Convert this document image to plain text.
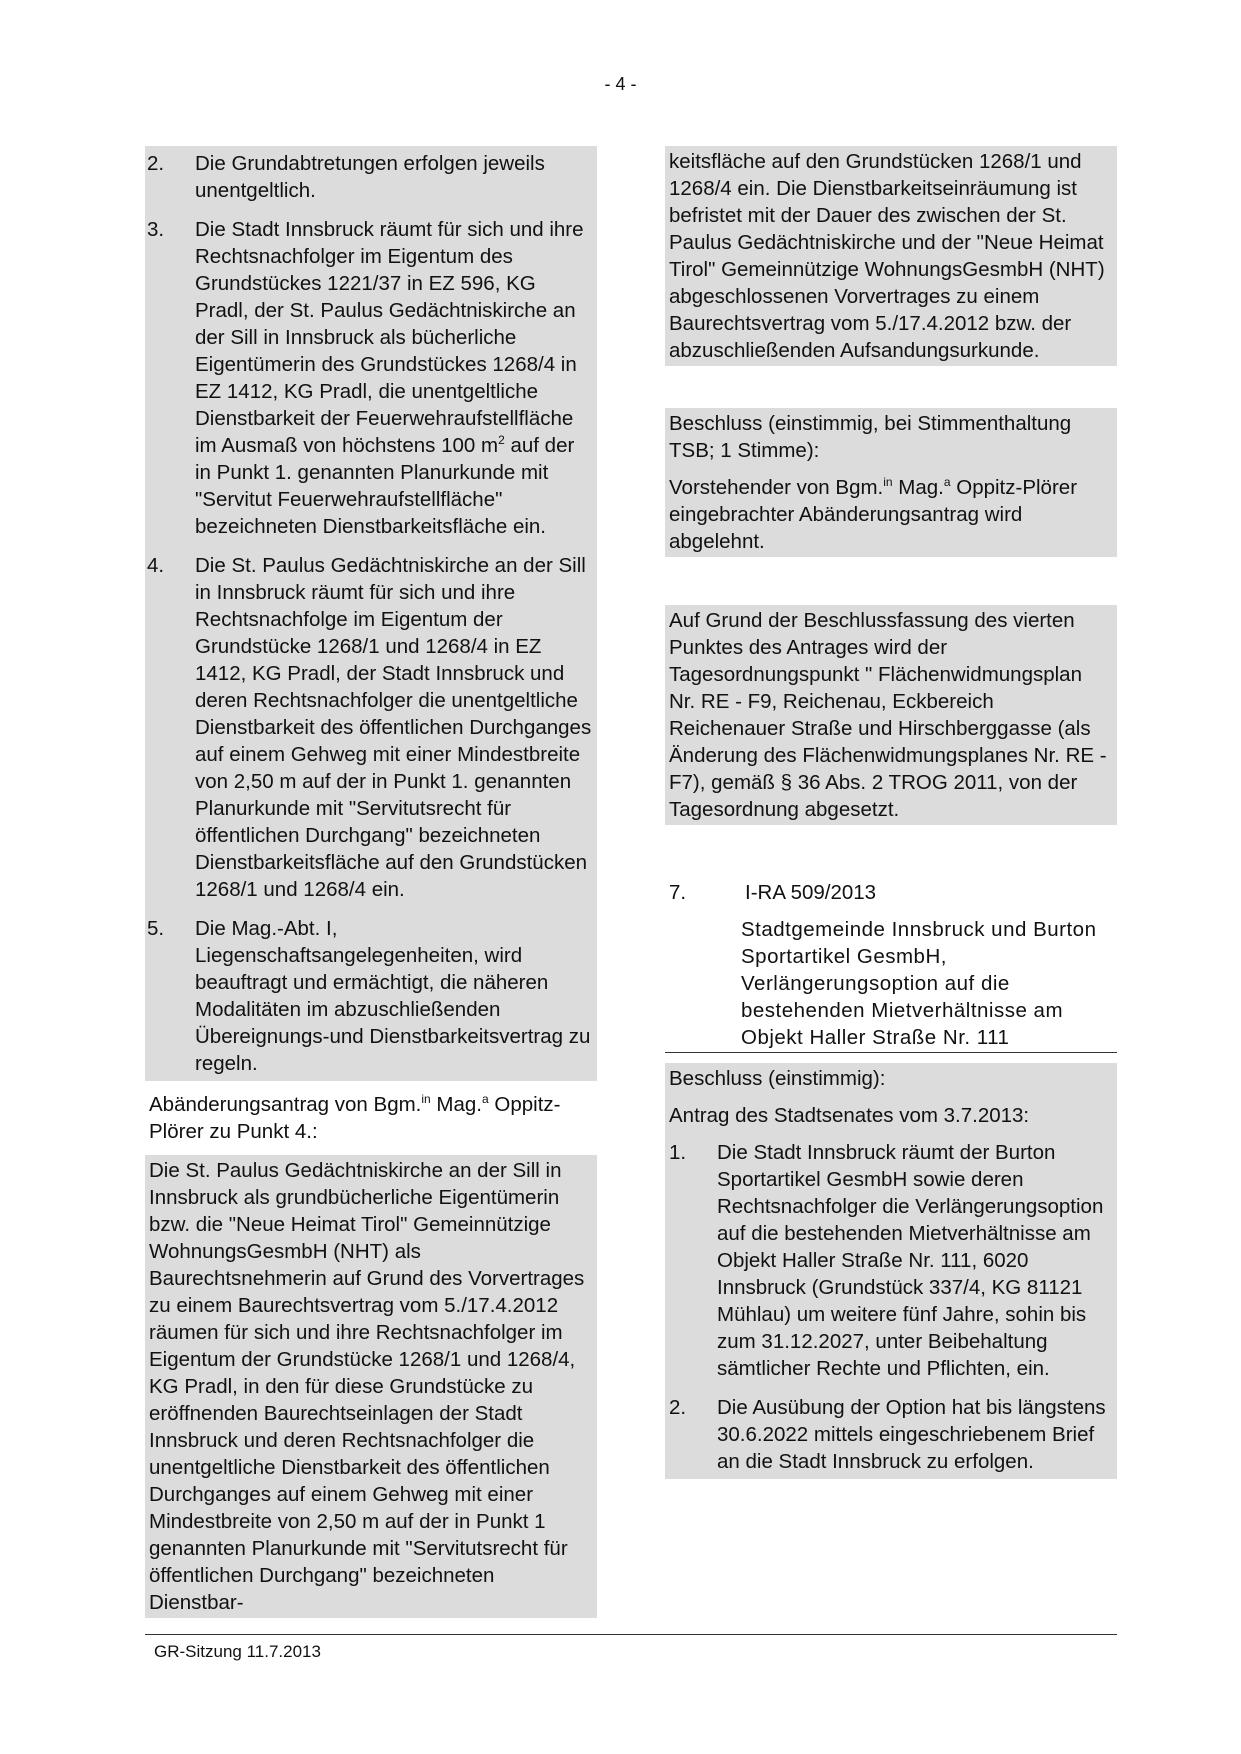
- 4 -
2.	Die Grundabtretungen erfolgen jeweils unentgeltlich.
3.	Die Stadt Innsbruck räumt für sich und ihre Rechtsnachfolger im Eigentum des Grundstückes 1221/37 in EZ 596, KG Pradl, der St. Paulus Gedächtniskirche an der Sill in Innsbruck als bücherliche Eigentümerin des Grundstückes 1268/4 in EZ 1412, KG Pradl, die unentgeltliche Dienstbarkeit der Feuerwehraufstellfläche im Ausmaß von höchstens 100 $m^2$ auf der in Punkt 1. genannten Planurkunde mit "Servitut Feuerwehraufstellfläche" bezeichneten Dienstbarkeitsfläche ein.
4.	Die St. Paulus Gedächtniskirche an der Sill in Innsbruck räumt für sich und ihre Rechtsnachfolge im Eigentum der Grundstücke 1268/1 und 1268/4 in EZ 1412, KG Pradl, der Stadt Innsbruck und deren Rechtsnachfolger die unentgeltliche Dienstbarkeit des öffentlichen Durchganges auf einem Gehweg mit einer Mindestbreite von 2,50 m auf der in Punkt 1. genannten Planurkunde mit "Servitutsrecht für öffentlichen Durchgang" bezeichneten Dienstbarkeitsfläche auf den Grundstücken 1268/1 und 1268/4 ein.
5.	Die Mag.-Abt. I, Liegenschaftsangelegenheiten, wird beauftragt und ermächtigt, die näheren Modalitäten im abzuschließenden Übereignungs-und Dienstbarkeitsvertrag zu regeln.
Abänderungsantrag von Bgm.$^{in}$ Mag.$^a$ Oppitz-Plörer zu Punkt 4.:
Die St. Paulus Gedächtniskirche an der Sill in Innsbruck als grundbücherliche Eigentümerin bzw. die "Neue Heimat Tirol" Gemeinnützige WohnungsGesmbH (NHT) als Baurechtsnehmerin auf Grund des Vorvertrages zu einem Baurechtsvertrag vom 5./17.4.2012 räumen für sich und ihre Rechtsnachfolger im Eigentum der Grundstücke 1268/1 und 1268/4, KG Pradl, in den für diese Grundstücke zu eröffnenden Baurechtseinlagen der Stadt Innsbruck und deren Rechtsnachfolger die unentgeltliche Dienstbarkeit des öffentlichen Durchganges auf einem Gehweg mit einer Mindestbreite von 2,50 m auf der in Punkt 1 genannten Planurkunde mit "Servitutsrecht für öffentlichen Durchgang" bezeichneten Dienstbar-
keitsfläche auf den Grundstücken 1268/1 und 1268/4 ein. Die Dienstbarkeitseinräumung ist befristet mit der Dauer des zwischen der St. Paulus Gedächtniskirche und der "Neue Heimat Tirol" Gemeinnützige WohnungsGesmbH (NHT) abgeschlossenen Vorvertrages zu einem Baurechtsvertrag vom 5./17.4.2012 bzw. der abzuschließenden Aufsandungsurkunde.
Beschluss (einstimmig, bei Stimmenthaltung TSB; 1 Stimme):
Vorstehender von Bgm.$^{in}$ Mag.$^a$ Oppitz-Plörer eingebrachter Abänderungsantrag wird abgelehnt.
Auf Grund der Beschlussfassung des vierten Punktes des Antrages wird der Tagesordnungspunkt " Flächenwidmungsplan Nr. RE - F9, Reichenau, Eckbereich Reichenauer Straße und Hirschberggasse (als Änderung des Flächenwidmungsplanes Nr. RE - F7), gemäß § 36 Abs. 2 TROG 2011, von der Tagesordnung abgesetzt.
7.	I-RA 509/2013
Stadtgemeinde Innsbruck und Burton Sportartikel GesmbH, Verlängerungsoption auf die bestehenden Mietverhältnisse am Objekt Haller Straße Nr. 111
Beschluss (einstimmig):
Antrag des Stadtsenates vom 3.7.2013:
1.	Die Stadt Innsbruck räumt der Burton Sportartikel GesmbH sowie deren Rechtsnachfolger die Verlängerungsoption auf die bestehenden Mietverhältnisse am Objekt Haller Straße Nr. 111, 6020 Innsbruck (Grundstück 337/4, KG 81121 Mühlau) um weitere fünf Jahre, sohin bis zum 31.12.2027, unter Beibehaltung sämtlicher Rechte und Pflichten, ein.
2.	Die Ausübung der Option hat bis längstens 30.6.2022 mittels eingeschriebenem Brief an die Stadt Innsbruck zu erfolgen.
GR-Sitzung 11.7.2013
